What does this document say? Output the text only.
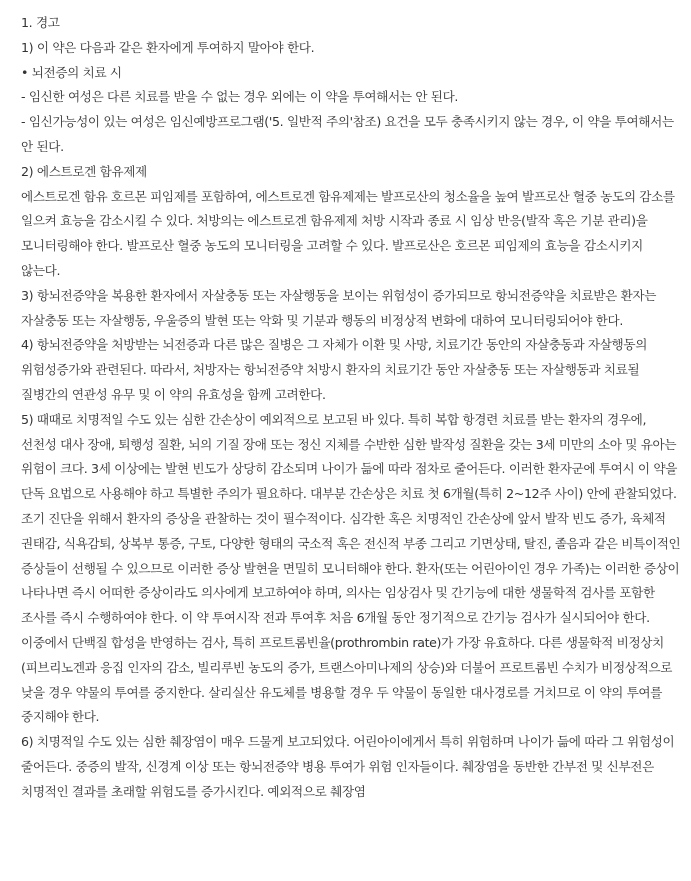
1. 경고

1) 이 약은 다음과 같은 환자에게 투여하지 말아야 한다.

• 뇌전증의 치료 시

- 임신한 여성은 다른 치료를 받을 수 없는 경우 외에는 이 약을 투여해서는 안 된다.

- 임신가능성이 있는 여성은 임신예방프로그램('5. 일반적 주의'참조) 요건을 모두 충족시키지 않는 경우, 이 약을 투여해서는 안 된다.

2) 에스트로겐 함유제제

에스트로겐 함유 호르몬 피임제를 포함하여, 에스트로겐 함유제제는 발프로산의 청소율을 높여 발프로산 혈중 농도의 감소를 일으켜 효능을 감소시킬 수 있다. 처방의는 에스트로겐 함유제제 처방 시작과 종료 시 임상 반응(발작 혹은 기분 관리)을 모니터링해야 한다. 발프로산 혈중 농도의 모니터링을 고려할 수 있다. 발프로산은 호르몬 피임제의 효능을 감소시키지 않는다.

3) 항뇌전증약을 복용한 환자에서 자살충동 또는 자살행동을 보이는 위험성이 증가되므로 항뇌전증약을 치료받은 환자는 자살충동 또는 자살행동, 우울증의 발현 또는 악화 및 기분과 행동의 비정상적 변화에 대하여 모니터링되어야 한다.

4) 항뇌전증약을 처방받는 뇌전증과 다른 많은 질병은 그 자체가 이환 및 사망, 치료기간 동안의 자살충동과 자살행동의 위험성증가와 관련된다. 따라서, 처방자는 항뇌전증약 처방시 환자의 치료기간 동안 자살충동 또는 자살행동과 치료될 질병간의 연관성 유무 및 이 약의 유효성을 함께 고려한다.

5) 때때로 치명적일 수도 있는 심한 간손상이 예외적으로 보고된 바 있다. 특히 복합 항경련 치료를 받는 환자의 경우에, 선천성 대사 장애, 퇴행성 질환, 뇌의 기질 장애 또는 정신 지체를 수반한 심한 발작성 질환을 갖는 3세 미만의 소아 및 유아는 위험이 크다. 3세 이상에는 발현 빈도가 상당히 감소되며 나이가 듦에 따라 점차로 줄어든다. 이러한 환자군에 투여시 이 약을 단독 요법으로 사용해야 하고 특별한 주의가 필요하다. 대부분 간손상은 치료 첫 6개월(특히 2~12주 사이) 안에 관찰되었다. 조기 진단을 위해서 환자의 증상을 관찰하는 것이 필수적이다. 심각한 혹은 치명적인 간손상에 앞서 발작 빈도 증가, 육체적 권태감, 식욕감퇴, 상복부 통증, 구토, 다양한 형태의 국소적 혹은 전신적 부종 그리고 기면상태, 탈진, 졸음과 같은 비특이적인 증상들이 선행될 수 있으므로 이러한 증상 발현을 면밀히 모니터해야 한다. 환자(또는 어린아이인 경우 가족)는 이러한 증상이 나타나면 즉시 어떠한 증상이라도 의사에게 보고하여야 하며, 의사는 임상검사 및 간기능에 대한 생물학적 검사를 포함한 조사를 즉시 수행하여야 한다. 이 약 투여시작 전과 투여후 처음 6개월 동안 정기적으로 간기능 검사가 실시되어야 한다. 이중에서 단백질 합성을 반영하는 검사, 특히 프로트롬빈율(prothrombin rate)가 가장 유효하다. 다른 생물학적 비정상치(피브리노겐과 응집 인자의 감소, 빌리루빈 농도의 증가, 트랜스아미나제의 상승)와 더불어 프로트롬빈 수치가 비정상적으로 낮을 경우 약물의 투여를 중지한다. 살리실산 유도체를 병용할 경우 두 약물이 동일한 대사경로를 거치므로 이 약의 투여를 중지해야 한다.

6) 치명적일 수도 있는 심한 췌장염이 매우 드물게 보고되었다. 어린아이에게서 특히 위험하며 나이가 듦에 따라 그 위험성이 줄어든다. 중증의 발작, 신경계 이상 또는 항뇌전증약 병용 투여가 위험 인자들이다. 췌장염을 동반한 간부전 및 신부전은 치명적인 결과를 초래할 위험도를 증가시킨다. 예외적으로 췌장염
